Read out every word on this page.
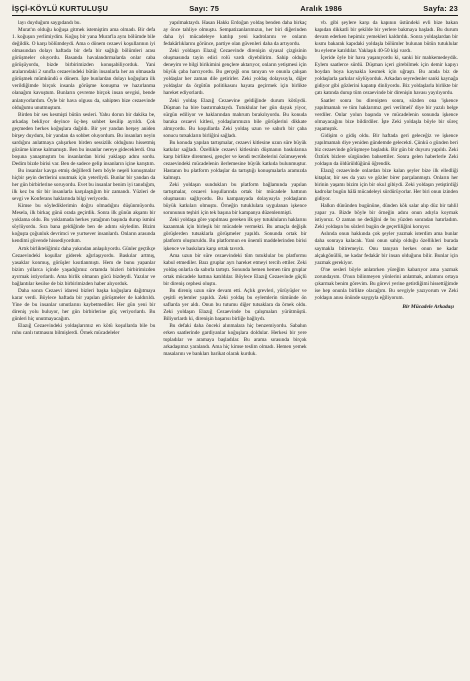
İŞÇİ-KÖYLÜ KURTULUŞU	Sayı: 75	Aralık 1986	Sayfa: 23

layı duyduğum saygıdandı bu.

Murat'ın olduğu koğuşa gitmek istemiştim ama olmadı. Bir defa 1. koğuşun yerlimiydim. Koğuş bir yana Murat'la aynı bölümde bile değildik. O karşı bölümdeydi. Ama o dönem cezaevi koşullarının iyi olmasından dolayı haftada bir defa bir sağlığı bölümleri arası görüşmeler oluyordu. Basanda havalandırmalarda onlar caba görüşüyordu, bizde birbirimizden konuşabiliyorduk. Yani aralarındaki 2 sınıfla cezaevindeki bütün insanlarla her an olmasada görüşmek mümkündü o dönem. İşte bunlardan dolayı koğuşlara ilk verildiğimde birçok insanla görüşme konuşma ve hazırlanma olanağım kavuştum. Bunların çevreme birçok insan sevgisi, bende anlatıyorlardım. Öyle bir hava olgusu da, sahipten bize cezaevinde olduğumu unutmuştum.

Birden bir ses kesmişti bütün sesleri. Yahu dorun bir dakika be, arkadaş bekliyor deyince üç-beş sohbet kesilip ayrıldı. Çok geçmeden herkes koğuşlara dağıldı. Bir yer yandan herşey aniden birşey duydum, bir yandan da sohbet oluyordum. Bu insanları neyin sardığını anlatmaya çalışırken birden sessizlik olduğunu hissetmiş gözüme kimse kalmamıştı. Ben bu insanlar nereye gideceklerdi. Ona boşuna yanaşmıştım bu insanlardan birisi yaklaşıp adını sordu. Dedim bizde birisi var. Ben de sadece gelip insanların içine karıştım.

Bu insanlar kavga etmiş değillerdi hem böyle neşeli konuşmalar hiçbir şeyin dertlerini unutmak için yeterliydi. Bunlar bir yandan da her gün birbirlerine soruyordu. Evet bu insanlar benim iyi tanıdığım, ilk kez bu tür bir insanlarla karşılaştığım bir zamandı. Yüzleri de sevgi ve Konferans haklarında bilgi veriyordu.

Kimse bu söylediklerimin doğru olmadığını düşünmüyordu. Mesela, ilk birkaç günü orada geçirdik. Sonra ilk günün akşamı bir yoklama oldu. Bu yoklamada herkes yatağının başında durup ismini söylüyordu. Sıra bana geldiğinde ben de adımı söyledim. Bizim koğuşta çoğunluk devrimci ve yurtsever insanlardı. Onların arasında kendimi güvende hissediyordum.

Artık birlikteliğimiz daha yakından anlaşılıyordu. Günler geçtikçe Cezaevindeki koşullar giderek ağırlaşıyordu. Baskılar artmış, yasaklar konmuş, görüşler kısıtlanmıştı. Hem de bunu yapanlar bizim yıllarca içinde yaşadığımız ortamda bizleri birbirimizden ayırmak istiyorlardı. Ama birlik olmanın gücü bizdeydi. Yazılar ve bağlantılar kesilse de biz birbirimizden haber alıyorduk.

Daha sonra Cezaevi idaresi bizleri başka koğuşlara dağıtmaya karar verdi. Böylece haftada bir yapılan görüşmeler de kaldırıldı. Yine de bu insanlar umutlarını kaybetmediler. Her gün yeni bir direniş yolu buluyor, her gün birbirlerine güç veriyorlardı. Bu günleri hiç unutmayacağım.

Elazığ Cezaevindeki yoldaşlarımız en kötü koşullarda bile bu ruhu canlı tutmasını bilmişlerdi. Örnek mücadeleler

yapılmaktaydı. Hasan Hakkı Erdoğan yoldaş benden daha birkaç ay önce tahliye olmuştu. Sempatizanlarımızın, her biri diğerinden daha iyi mücadeleye katılıp yeni kadrolarını ve onların fedakârlıklarını görünce, partiye olan güvenleri daha da artıyordu.

Zeki yoldaşın Elazığ Cezaevinde direnişin siyasal çizgisinin oluşmasında tayin edici rolü vardı diyebilirim. Sahip olduğu deneyim ve bilgi birikimini gençlere aktarıyor, onların yetişmesi için büyük çaba harcıyordu. Bu gerçeği onu tanıyan ve onunla çalışan yoldaşlar her zaman dile getirirler. Zeki yoldaş dolayısıyla, diğer yoldaşlar da örgütün politikasını hayata geçirmek için birlikte hareket ediyorlardı.

Zeki yoldaş Elazığ Cezaevine geldiğinde durum kötüydü. Düşman ha bire bastırmaktaydı. Tutuklular her gün dayak yiyor, sürgün ediliyor ve haklarından mahrum bırakılıyordu. Bu konuda baraka cezaevi kitlesi, yoldaşlarımızın bile görüşlerini dikkate almıyordu. Bu koşullarda Zeki yoldaş uzun ve sabırlı bir çaba sonucu tutsakların birliğini sağladı.

Bu konuda yapılan tartışmalar, cezaevi kitlesine uzun süre büyük katkılar sağladı. Özellikle cezaevi kitlesinin düşmanın baskılarına karşı birlikte direnmesi, gençler ve kendi tecrübelerini özümseyerek cezaevindeki mücadelenin ilerlemesine büyük katkıda bulunmuştur. Hastanın bu platform yoldaşlar da tartıştığı konuşmalarla aramızda kalmıştı.

Zeki yoldaşın sundukları bu platform bağlamında yapılan tartışmalar, cezaevi koşullarında ortak bir mücadele hattının oluşmasını sağlıyordu. Bu kampanyada dolayısıyla yoldaşların büyük katkıları olmuştu. Örneğin tutuklulara uygulanan işkence sorununun teşhiri için tek başına bir kampanya düzenlenmişti.

Zeki yoldaşa göre yapılması gereken ilk şey tutukluların haklarını kazanmak için birleşik bir mücadele vermekti. Bu amaçla değişik görüşlerden tutsaklarla görüşmeler yapıldı. Sonunda ortak bir platform oluşturuldu. Bu platformun en önemli maddelerinden birisi işkence ve baskılara karşı ortak tavırdı.

Ama uzun bir süre cezaevindeki tüm tutuklular bu platformu kabul etmediler. Bazı gruplar ayrı hareket etmeyi tercih ettiler. Zeki yoldaş onlarla da sabırla tartıştı. Sonunda hemen hemen tüm gruplar ortak mücadele hattına katıldılar. Böylece Elazığ Cezaevinde güçlü bir direniş cephesi oluştu.

Bu direniş uzun süre devam etti. Açlık grevleri, yürüyüşler ve çeşitli eylemler yapıldı. Zeki yoldaş bu eylemlerin tümünde ön saflarda yer aldı. Onun bu tutumu diğer tutsaklara da örnek oldu. Zeki yoldaşın Elazığ Cezaevinde bu çalışmaları yürütmüştü. Biliyorlardı ki, direnişin başarısı birliğe bağlıydı.

Bu defaki daha önceki alınmalara hiç benzemiyordu. Sabahın erken saatlerinde gardiyanlar koğuşlara doldular. Herkesi bir yere topladılar ve aramaya başladılar. Bu arama sırasında birçok arkadaşımız yaralandı. Ama hiç kimse teslim olmadı. Hemen yemek masalarını ve bankları barikat olarak kurduk.

vb. gibi şeylere karşı da kapının üstündeki evli bize bakan kapıdan dikkatli bir şekilde bir yerlere bakmaya başladı. Bu durum devam ederken hepimiz yemekleri kaldırdık. Sonra yoldaşlardan bir kısmı bakarak kapıdaki yoldaşla bölümler bulunan bütün tutuklular bu eyleme katıldılar. Yaklaşık 40-50 kişi vardı.

İçeride öyle bir hava yaşanıyordu ki, sanki bir mahkemedeydik. Eylem saatlerce sürdü. Düşman içeri girebilmek için demir kapıyı boydan boya kaynakla kesmek için uğraştı. Bu arada biz de yoldaşlarla şarkılar söylüyorduk. Arkadan seyredenler sanki kaynağa gidiyor gibi gözlerini kapatıp dinliyordu. Biz yoldaşlarla birlikte bir çatı katında durup tüm cezaevinde bir direnişin havası yayılıyordu.

Saatler sonra bu direnişten sonra, sözden ona 'işkence yapılmamalı ve tüm haklarımız geri verilmeli' diye bir yazılı belge verdiler. Onlar yolun başında ve mücadelenin sonunda işkence olmayacağını bize bildirdiler. İşte Zeki yoldaşla böyle bir süreç yaşamıştık.

Gidişim o gidiş oldu. Bir haftada geri geleceğiz ve işkence yapılmamalı diye yeniden gündemde gelecekti. Çünkü o günden beri biz cezaevinde görüşmeye başladık. Bir gün bir duyuru yapıldı. Zeki Öztürk bizlere sürgünden bahsettiler. Sonra gelen haberlerle Zeki yoldaşın da öldürüldüğünü öğrendik.

Elazığ cezaevinde onlardan bize kalan şeyler bize ilk elledliği kitaplar, bir ses da yazı ve gözler birer parçalanmıştı. Onların her birinin yaşamı bizim için bir okul gibiydi. Zeki yoldaşın yetiştirdiği kadrolar bugün hâlâ mücadeleyi sürdürüyorlar. Her biri onun izinden gidiyor.

Halkın dününden bugününe, dünden kök salar alıp düz bir tahlil yapar ya. Bizde böyle bir örneğin adını onun adıyla koymak istiyoruz. O zaman ne dediğini de bu yüzden sonradan hatırladım. Zeki yoldaşın bu sözleri bugün de geçerliliğini koruyor.

Aslında onun hakkında çok şeyler yazmak isterdim ama bunlar daha sonraya kalacak. Yani onun sahip olduğu özellikleri burada saymakla bitiremeyiz. Onu tanıyan herkes onun ne kadar alçakgönüllü, ne kadar fedakâr bir insan olduğunu bilir. Bunlar için yazmak gerekiyor.

O'ne sesleri böyle anlatırken yüreğim kabarıyor ama yazmak zorundayım. O'nun bilinmeyen yönlerini anlatmak, anlamını ortaya çıkarmak benim görevim. Bu görevi yerine getirdiğimi hissettiğimde ise hep onunla birlikte olacağım. Bu sevgiyle yazıyorum ve Zeki yoldaşın anısı önünde saygıyla eğiliyorum.

Bir Mücadele Arkadaşı
